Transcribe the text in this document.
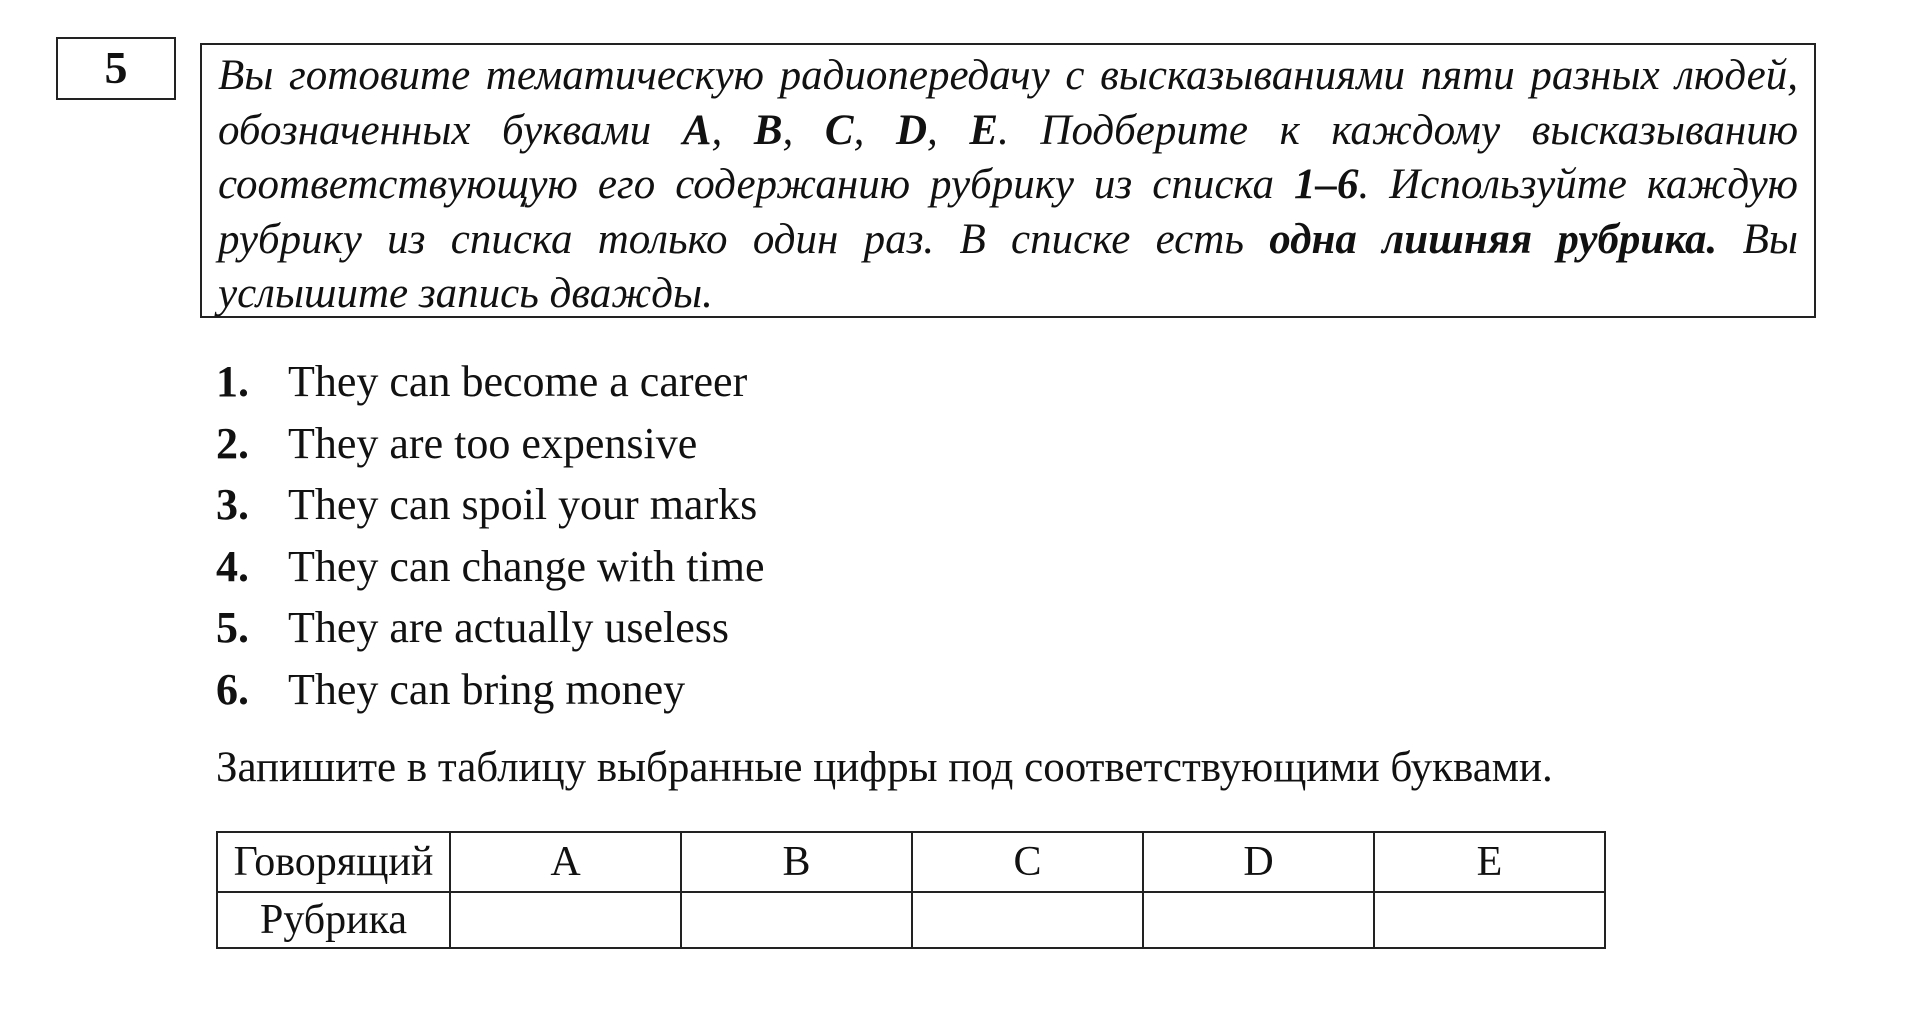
5	Вы готовите тематическую радиопередачу с высказываниями пяти разных людей, обозначенных буквами А, В, С, D, E. Подберите к каждому высказыванию соответствующую его содержанию рубрику из списка 1–6. Используйте каждую рубрику из списка только один раз. В списке есть одна лишняя рубрика. Вы услышите запись дважды.
1. They can become a career
2. They are too expensive
3. They can spoil your marks
4. They can change with time
5. They are actually useless
6. They can bring money
Запишите в таблицу выбранные цифры под соответствующими буквами.
Говорящий	A	B	C	D	E
Рубрика					
